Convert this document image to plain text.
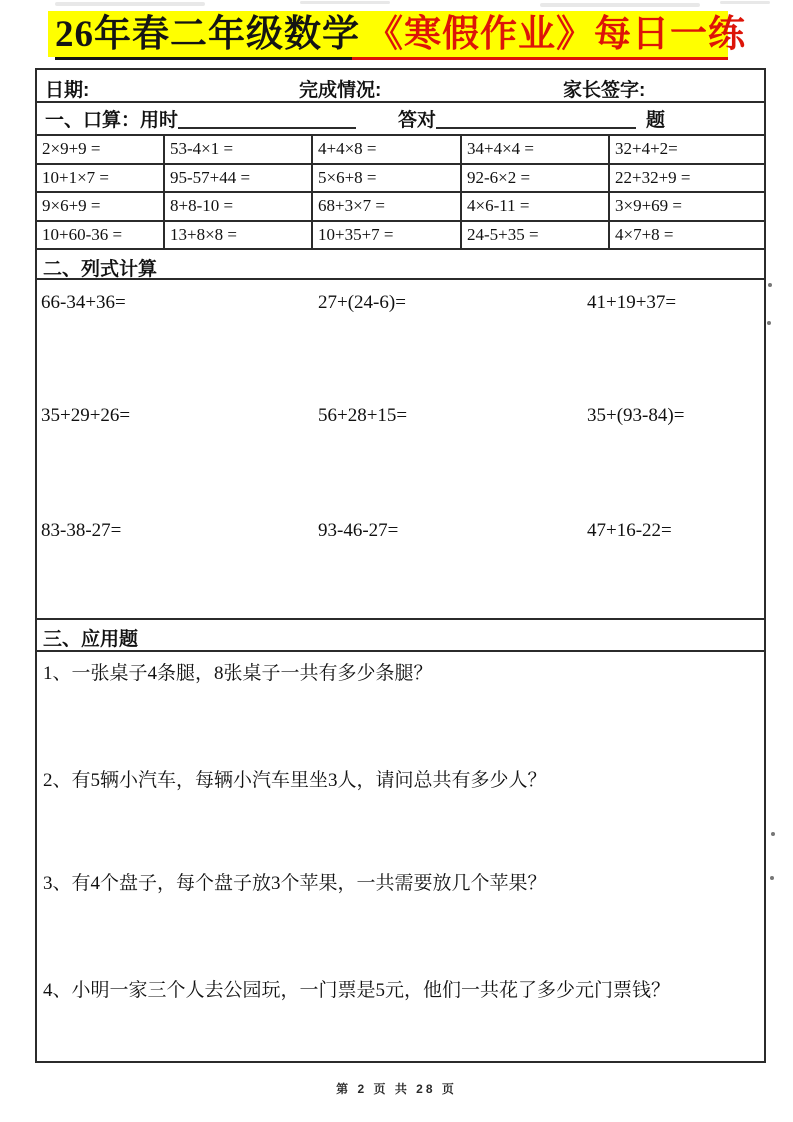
26年春二年级数学 《寒假作业》每日一练
日期:	完成情况:	家长签字:
一、口算：用时	答对	题
2×9+9 =	53-4×1 =	4+4×8 =	34+4×4 =	32+4+2=
10+1×7 =	95-57+44 =	5×6+8 =	92-6×2 =	22+32+9 =
9×6+9 =	8+8-10 =	68+3×7 =	4×6-11 =	3×9+69 =
10+60-36 =	13+8×8 =	10+35+7 =	24-5+35 =	4×7+8 =
二、列式计算
66-34+36=	27+(24-6)=	41+19+37=
35+29+26=	56+28+15=	35+(93-84)=
83-38-27=	93-46-27=	47+16-22=
三、应用题
1、一张桌子4条腿，8张桌子一共有多少条腿？
2、有5辆小汽车，每辆小汽车里坐3人，请问总共有多少人？
3、有4个盘子，每个盘子放3个苹果，一共需要放几个苹果？
4、小明一家三个人去公园玩，一门票是5元，他们一共花了多少元门票钱？
第 2 页 共 28 页
